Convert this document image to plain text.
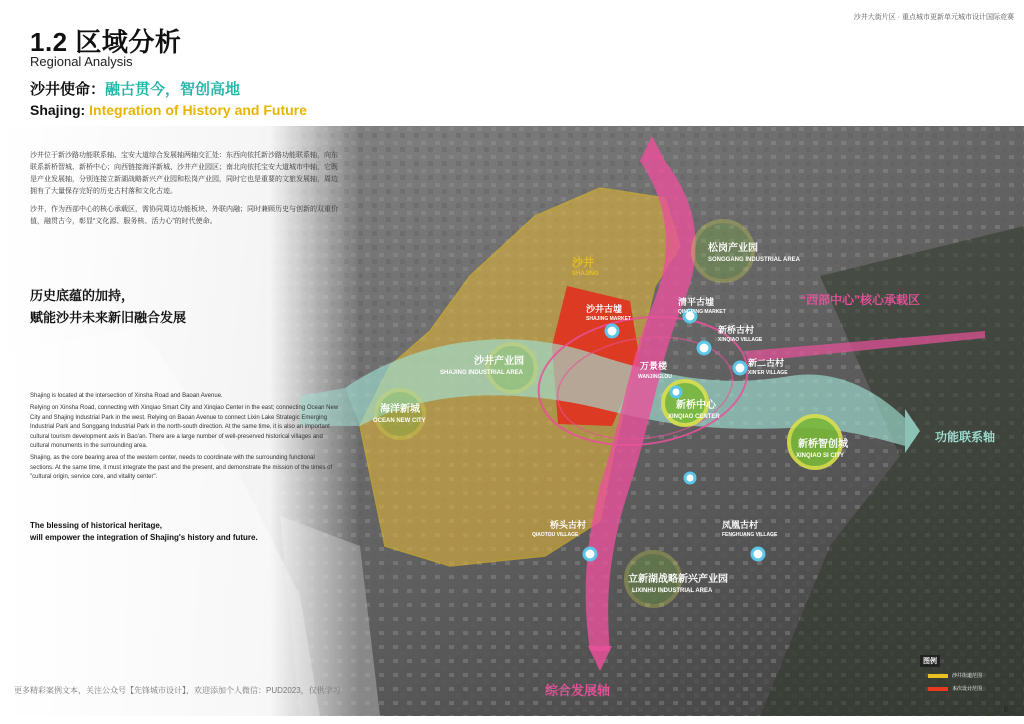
沙井大街片区 · 重点城市更新单元城市设计国际竞赛
1.2 区域分析
Regional Analysis
沙井使命：融古贯今，智创高地
Shajing: Integration of History and Future
沙井
SHAJING
松岗产业园
SONGGANG INDUSTRIAL AREA
“西部中心”核心承载区
沙井古墟
SHAJING MARKET
清平古墟
QINGPING MARKET
新桥古村
XINQIAO VILLAGE
新二古村
XIN'ER VILLAGE
沙井产业园
SHAJING INDUSTRIAL AREA
万景楼
WANJINGLOU
海洋新城
OCEAN NEW CITY
新桥中心
XINQIAO CENTER
新桥智创城
XINQIAO SI CITY
功能联系轴
桥头古村
QIAOTOU VILLAGE
凤凰古村
FENGHUANG VILLAGE
立新湖战略新兴产业园
LIXINHU INDUSTRIAL AREA
综合发展轴

沙井位于新沙路功能联系轴、宝安大道综合发展轴两轴交汇处：东西向依托新沙路功能联系轴，向东联系新桥智城、新桥中心；向西链接海洋新城、沙井产业园区；南北向依托宝安大道城市中轴，它既是产业发展轴，分别连接立新湖战略新兴产业园和松岗产业园，同时它也是重要的文旅发展轴，周边拥有了大量保存完好的历史古村落和文化古迹。

沙井，作为西部中心的核心承载区，需协同周边功能板块、外联内融；同时兼顾历史与创新的双重价值，融贯古今，彰显“文化源、服务核、活力心”的时代使命。

历史底蕴的加持，
赋能沙井未来新旧融合发展

Shajing is located at the intersection of Xinsha Road and Baoan Avenue.

Relying on Xinsha Road, connecting with Xinqiao Smart City and Xinqiao Center in the east; connecting Ocean New City and Shajing Industrial Park in the west. Relying on Baoan Avenue to connect Lixin Lake Strategic Emerging Industrial Park and Songgang Industrial Park in the north-south direction. At the same time, it is also an important cultural tourism development axis in Bao'an. There are a large number of well-preserved historical villages and cultural monuments in the surrounding area.

Shajing, as the core bearing area of the western center, needs to coordinate with the surrounding functional sections. At the same time, it must integrate the past and the present, and demonstrate the mission of the times of "cultural origin, service core, and vitality center".

The blessing of historical heritage,
will empower the integration of Shajing's history and future.
图例
沙井街道范围
本次设计范围
更多精彩案例文本，关注公众号【先锋城市设计】，欢迎添加个人微信：PUD2023，仅供学习
8
